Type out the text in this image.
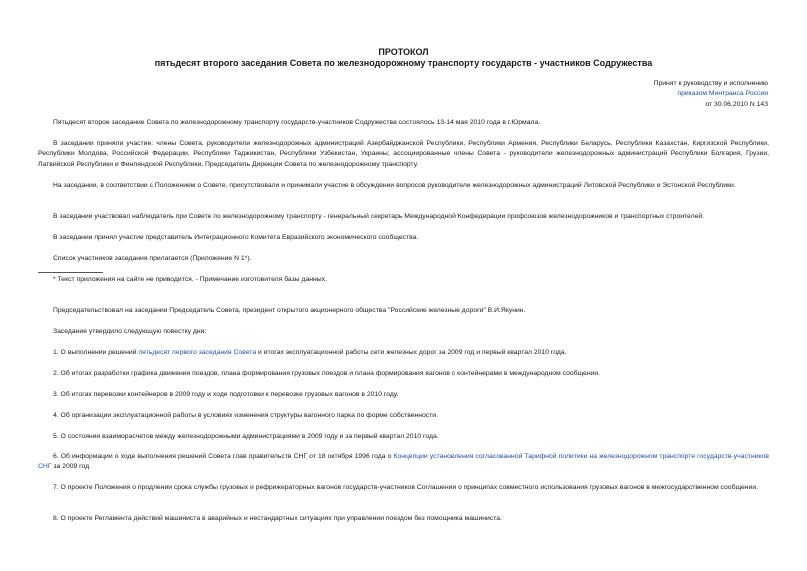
ПРОТОКОЛ
пятьдесят второго заседания Совета по железнодорожному транспорту государств - участников Содружества
Принят к руководству и исполнению
приказом Минтранса России
от 30.06.2010 N 143
Пятьдесят второе заседание Совета по железнодорожному транспорту государств-участников Содружества состоялось 13-14 мая 2010 года в г.Юрмала.
В заседании приняли участие: члены Совета, руководители железнодорожных администраций Азербайджанской Республики, Республики Армения, Республики Беларусь, Республики Казахстан, Киргизской Республики, Республики Молдова, Российской Федерации, Республики Таджикистан, Республики Узбекистан, Украины; ассоциированные члены Совета - руководители железнодорожных администраций Республики Болгария, Грузии, Латвийской Республики и Финляндской Республики, Председатель Дирекции Совета по железнодорожному транспорту.
На заседании, в соответствии с Положением о Совете, присутствовали и принимали участие в обсуждении вопросов руководители железнодорожных администраций Литовской Республики и Эстонской Республики.
В заседании участвовал наблюдатель при Совете по железнодорожному транспорту - генеральный секретарь Международной Конфедерации профсоюзов железнодорожников и транспортных строителей.
В заседании принял участие представитель Интеграционного Комитета Евразийского экономического сообщества.
Список участников заседания прилагается (Приложение N 1*).
* Текст приложения на сайте не приводится. - Примечание изготовителя базы данных.
Председательствовал на заседании Председатель Совета, президент открытого акционерного общества "Российские железные дороги" В.И.Якунин.
Заседание утвердило следующую повестку дня:
1. О выполнении решений пятьдесят первого заседания Совета и итогах эксплуатационной работы сети железных дорог за 2009 год и первый квартал 2010 года.
2. Об итогах разработки графика движения поездов, плана формирования грузовых поездов и плана формирования вагонов с контейнерами в международном сообщении.
3. Об итогах перевозки контейнеров в 2009 году и ходе подготовки к перевозке грузовых вагонов в 2010 году.
4. Об организации эксплуатационной работы в условиях изменения структуры вагонного парка по форме собственности.
5. О состоянии взаиморасчетов между железнодорожными администрациями в 2009 году и за первый квартал 2010 года.
6. Об информации о ходе выполнения решений Совета глав правительств СНГ от 18 октября 1996 года о Концепции установления согласованной Тарифной политики на железнодорожном транспорте государств-участников СНГ за 2009 год.
7. О проекте Положения о продлении срока службы грузовых и рефрижераторных вагонов государств-участников Соглашения о принципах совместного использования грузовых вагонов в межгосударственном сообщении.
8. О проекте Регламента действий машиниста в аварийных и нестандартных ситуациях при управлении поездом без помощника машиниста.
